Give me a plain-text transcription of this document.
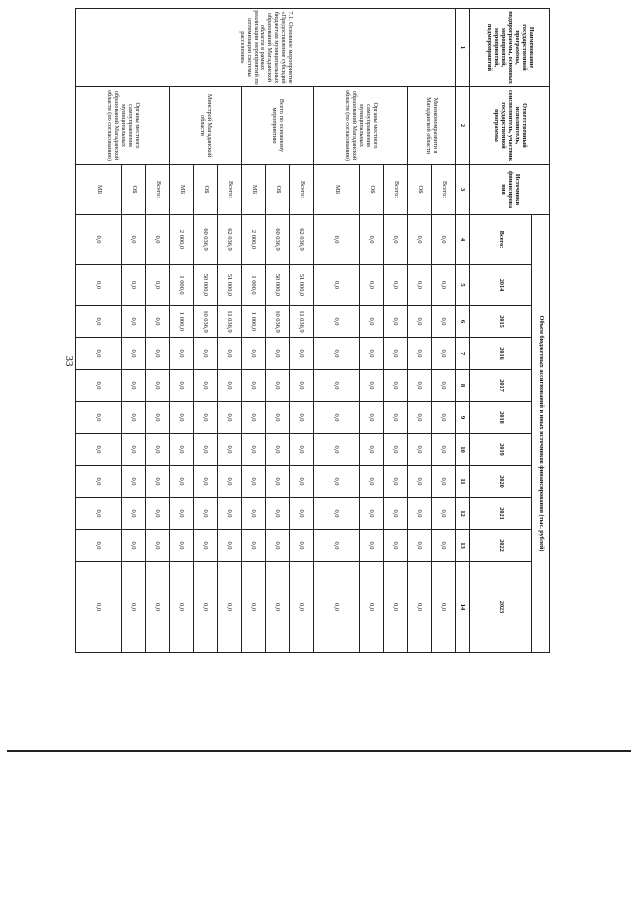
33
Наименование государственной программы, подпрограммы, основных мероприятий, мероприятий, подмероприятий	Ответственный исполнитель, соисполнитель, участник государственной программы	Источники финансирова ния	Объем бюджетных ассигнований и иных источников финансирования (тыс. рублей)										
			Всего:	2014	2015	2016	2017	2018	2019	2020	2021	2022	2023
1	2	3	4	5	6	7	8	9	10	11	12	13	14
7.1. Основное мероприятие «Предоставление субсидий бюджетам муниципальных образований Магаданской области в рамках реализации мероприятий по оптимизации системы расселения»	Минэкономразвити я Магаданской области	Всего:	0,0	0,0	0,0	0,0	0,0	0,0	0,0	0,0	0,0	0,0	0,0
		ОБ	0,0	0,0	0,0	0,0	0,0	0,0	0,0	0,0	0,0	0,0	0,0
	Органы местного самоуправления муниципальных образований Магаданской области (по согласованию)	Всего:	0,0	0,0	0,0	0,0	0,0	0,0	0,0	0,0	0,0	0,0	0,0
		ОБ	0,0	0,0	0,0	0,0	0,0	0,0	0,0	0,0	0,0	0,0	0,0
		МБ	0,0	0,0	0,0	0,0	0,0	0,0	0,0	0,0	0,0	0,0	0,0
	Всего по основному мероприятию	Всего:	62 036,9	51 000,0	11 036,9	0,0	0,0	0,0	0,0	0,0	0,0	0,0	0,0
		ОБ	60 036,9	50 000,0	10 036,9	0,0	0,0	0,0	0,0	0,0	0,0	0,0	0,0
		МБ	2 000,0	1 000,0	1 000,0	0,0	0,0	0,0	0,0	0,0	0,0	0,0	0,0
	Минстрой Магаданской области	Всего:	62 036,9	51 000,0	11 036,9	0,0	0,0	0,0	0,0	0,0	0,0	0,0	0,0
		ОБ	60 036,9	50 000,0	10 036,9	0,0	0,0	0,0	0,0	0,0	0,0	0,0	0,0
		МБ	2 000,0	1 000,0	1 000,0	0,0	0,0	0,0	0,0	0,0	0,0	0,0	0,0
	Органы местного самоуправления муниципальных образований Магаданской области (по согласованию)	Всего:	0,0	0,0	0,0	0,0	0,0	0,0	0,0	0,0	0,0	0,0	0,0
		ОБ	0,0	0,0	0,0	0,0	0,0	0,0	0,0	0,0	0,0	0,0	0,0
		МБ	0,0	0,0	0,0	0,0	0,0	0,0	0,0	0,0	0,0	0,0	0,0
